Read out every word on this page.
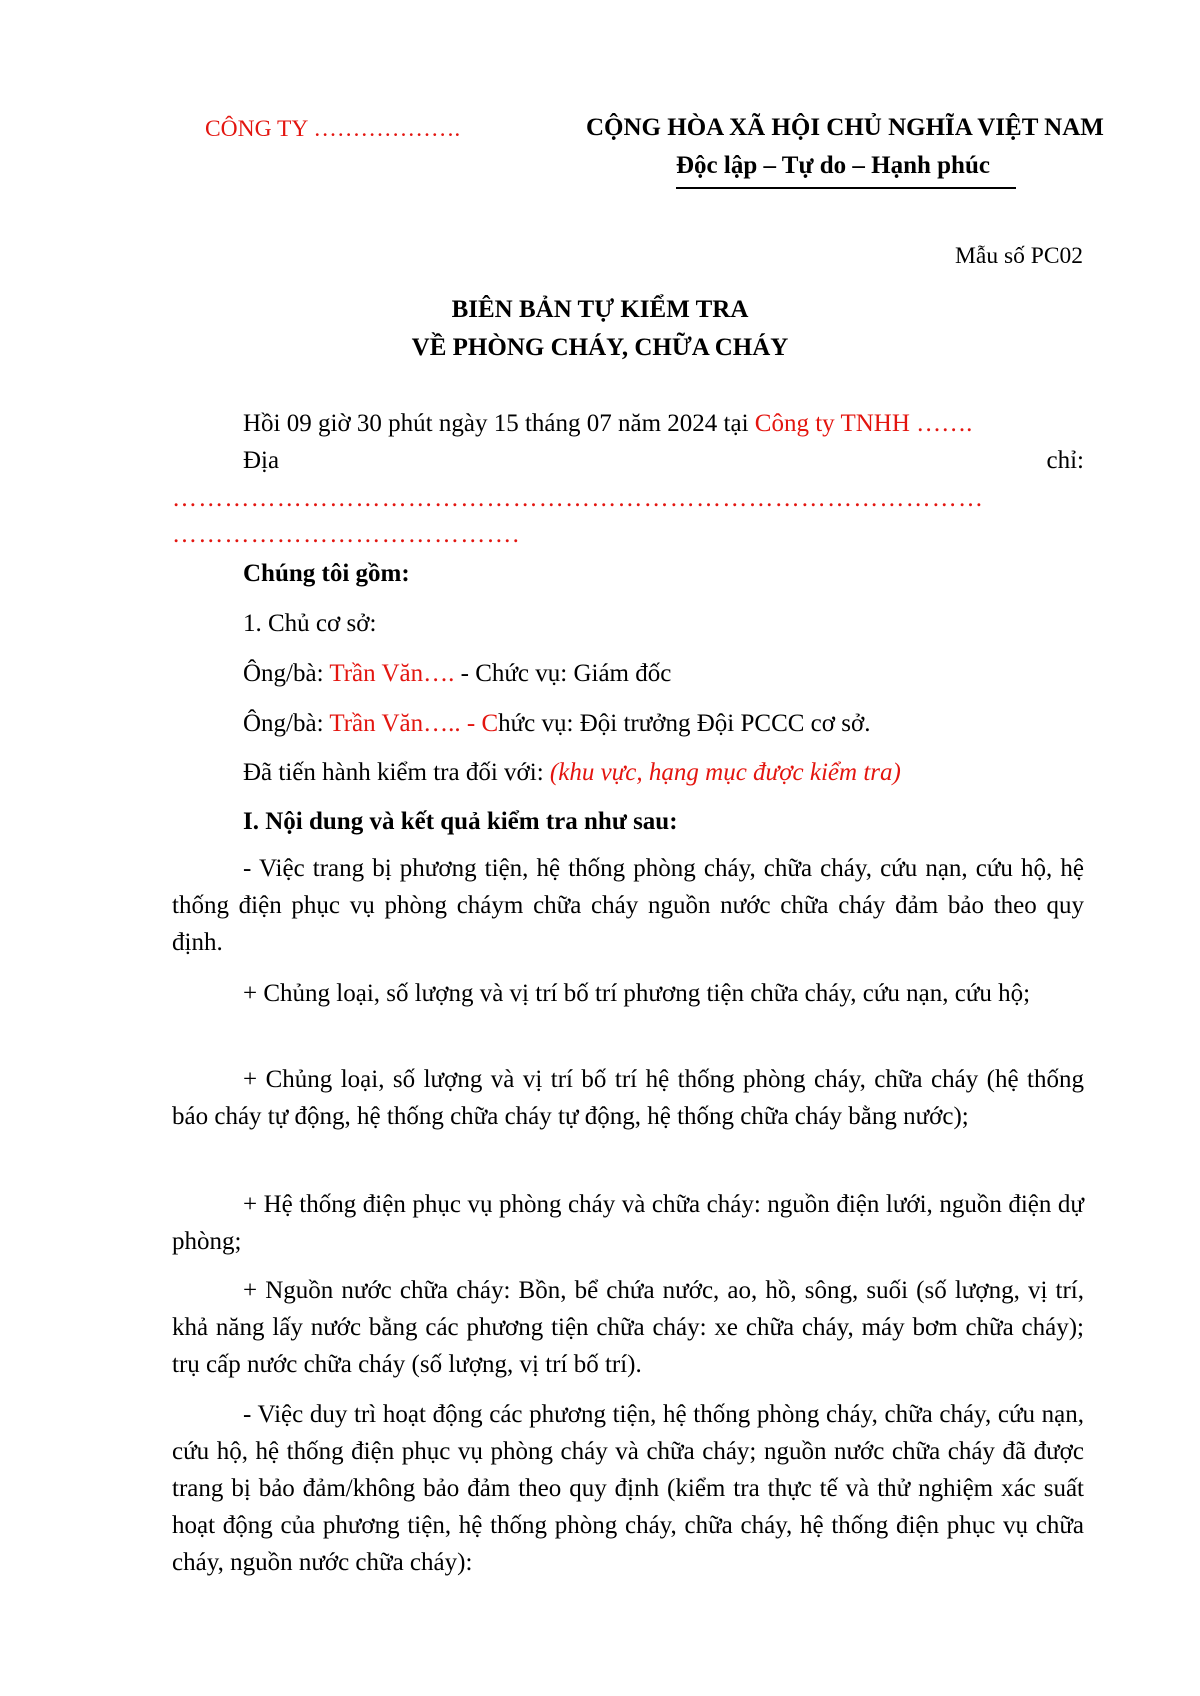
CÔNG TY ……………….	CỘNG HÒA XÃ HỘI CHỦ NGHĨA VIỆT NAM
Độc lập – Tự do – Hạnh phúc
Mẫu số PC02
BIÊN BẢN TỰ KIỂM TRA
VỀ PHÒNG CHÁY, CHỮA CHÁY
Hồi 09 giờ 30 phút ngày 15 tháng 07 năm 2024 tại Công ty TNHH …….
Địa	chỉ:
…………………………………………………………………………………
………………………………….
Chúng tôi gồm:
1. Chủ cơ sở:
Ông/bà: Trần Văn…. - Chức vụ: Giám đốc
Ông/bà: Trần Văn….. - Chức vụ: Đội trưởng Đội PCCC cơ sở.
Đã tiến hành kiểm tra đối với: (khu vực, hạng mục được kiểm tra)
I. Nội dung và kết quả kiểm tra như sau:

- Việc trang bị phương tiện, hệ thống phòng cháy, chữa cháy, cứu nạn, cứu hộ, hệ thống điện phục vụ phòng cháym chữa cháy nguồn nước chữa cháy đảm bảo theo quy định.

+ Chủng loại, số lượng và vị trí bố trí phương tiện chữa cháy, cứu nạn, cứu hộ;

+ Chủng loại, số lượng và vị trí bố trí hệ thống phòng cháy, chữa cháy (hệ thống báo cháy tự động, hệ thống chữa cháy tự động, hệ thống chữa cháy bằng nước);

+ Hệ thống điện phục vụ phòng cháy và chữa cháy: nguồn điện lưới, nguồn điện dự phòng;

+ Nguồn nước chữa cháy: Bồn, bể chứa nước, ao, hồ, sông, suối (số lượng, vị trí, khả năng lấy nước bằng các phương tiện chữa cháy: xe chữa cháy, máy bơm chữa cháy); trụ cấp nước chữa cháy (số lượng, vị trí bố trí).

- Việc duy trì hoạt động các phương tiện, hệ thống phòng cháy, chữa cháy, cứu nạn, cứu hộ, hệ thống điện phục vụ phòng cháy và chữa cháy; nguồn nước chữa cháy đã được trang bị bảo đảm/không bảo đảm theo quy định (kiểm tra thực tế và thử nghiệm xác suất hoạt động của phương tiện, hệ thống phòng cháy, chữa cháy, hệ thống điện phục vụ chữa cháy, nguồn nước chữa cháy):
